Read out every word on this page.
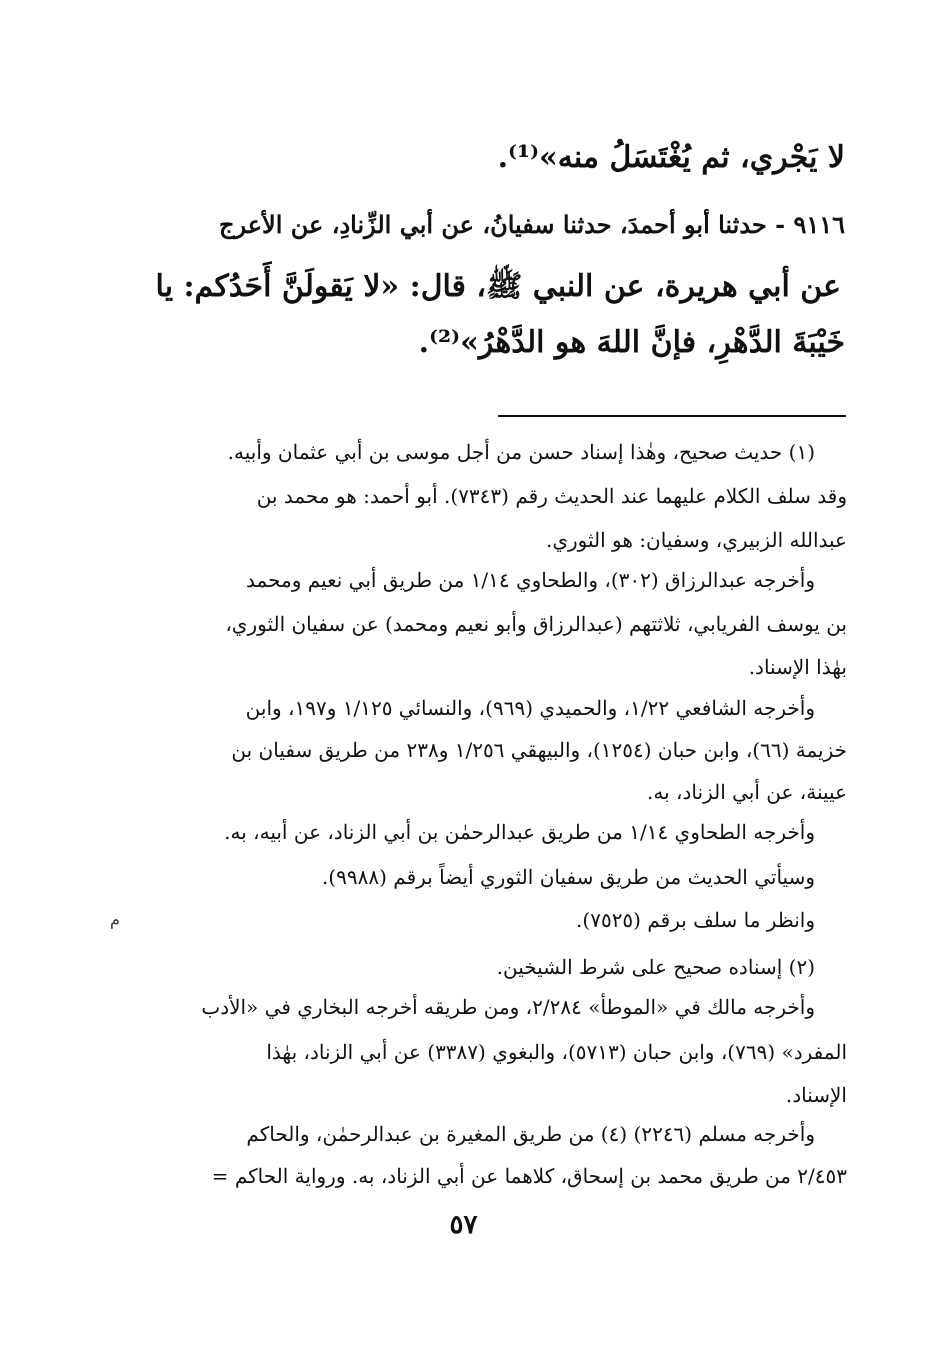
لا يَجْري، ثم يُغْتَسَلُ منه»⁽¹⁾.
٩١١٦ - حدثنا أبو أحمدَ، حدثنا سفيانُ، عن أبي الزِّنادِ، عن الأعرج
عن أبي هريرة، عن النبي ﷺ، قال: «لا يَقولَنَّ أَحَدُكم: يا
خَيْبَةَ الدَّهْرِ، فإنَّ اللهَ هو الدَّهْرُ»⁽²⁾.
(١) حديث صحيح، وهٰذا إسناد حسن من أجل موسى بن أبي عثمان وأبيه.
وقد سلف الكلام عليهما عند الحديث رقم (٧٣٤٣). أبو أحمد: هو محمد بن
عبدالله الزبيري، وسفيان: هو الثوري.
وأخرجه عبدالرزاق (٣٠٢)، والطحاوي ١/١٤ من طريق أبي نعيم ومحمد
بن يوسف الفريابي، ثلاثتهم (عبدالرزاق وأبو نعيم ومحمد) عن سفيان الثوري،
بهٰذا الإسناد.
وأخرجه الشافعي ١/٢٢، والحميدي (٩٦٩)، والنسائي ١/١٢٥ و١٩٧، وابن
خزيمة (٦٦)، وابن حبان (١٢٥٤)، والبيهقي ١/٢٥٦ و٢٣٨ من طريق سفيان بن
عيينة، عن أبي الزناد، به.
وأخرجه الطحاوي ١/١٤ من طريق عبدالرحمٰن بن أبي الزناد، عن أبيه، به.
وسيأتي الحديث من طريق سفيان الثوري أيضاً برقم (٩٩٨٨).
وانظر ما سلف برقم (٧٥٢٥).
(٢) إسناده صحيح على شرط الشيخين.
وأخرجه مالك في «الموطأ» ٢/٢٨٤، ومن طريقه أخرجه البخاري في «الأدب
المفرد» (٧٦٩)، وابن حبان (٥٧١٣)، والبغوي (٣٣٨٧) عن أبي الزناد، بهٰذا
الإسناد.
وأخرجه مسلم (٢٢٤٦) (٤) من طريق المغيرة بن عبدالرحمٰن، والحاكم
٢/٤٥٣ من طريق محمد بن إسحاق، كلاهما عن أبي الزناد، به. ورواية الحاكم =
م
٥٧
